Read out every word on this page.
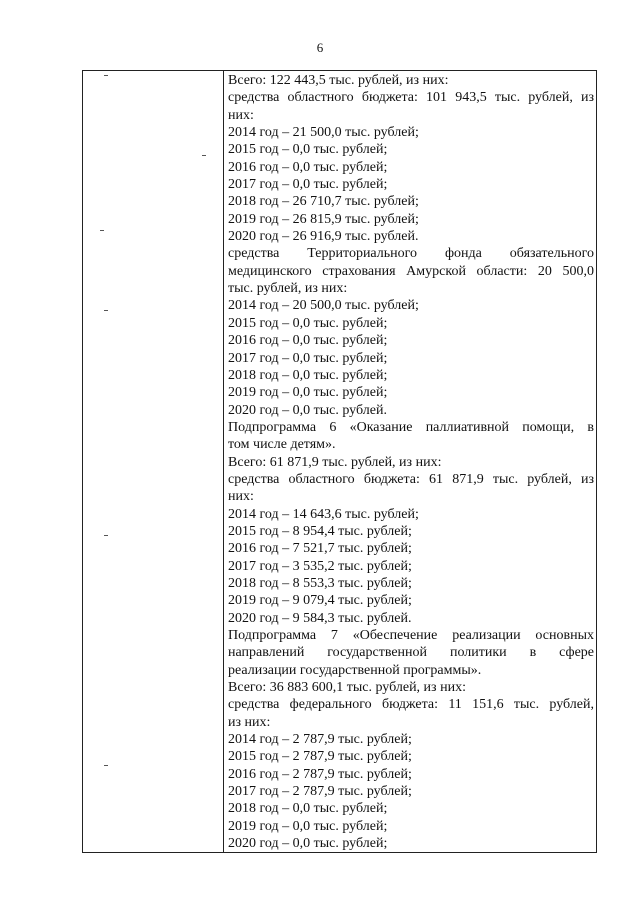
6
Всего: 122 443,5 тыс. рублей, из них:
средства областного бюджета: 101 943,5 тыс. рублей, из
них:
2014 год – 21 500,0 тыс. рублей;
2015 год – 0,0 тыс. рублей;
2016 год – 0,0 тыс. рублей;
2017 год – 0,0 тыс. рублей;
2018 год – 26 710,7 тыс. рублей;
2019 год – 26 815,9 тыс. рублей;
2020 год – 26 916,9 тыс. рублей.
средства Территориального фонда обязательного
медицинского страхования Амурской области: 20 500,0
тыс. рублей, из них:
2014 год – 20 500,0 тыс. рублей;
2015 год – 0,0 тыс. рублей;
2016 год – 0,0 тыс. рублей;
2017 год – 0,0 тыс. рублей;
2018 год – 0,0 тыс. рублей;
2019 год – 0,0 тыс. рублей;
2020 год – 0,0 тыс. рублей.
Подпрограмма 6 «Оказание паллиативной помощи, в
том числе детям».
Всего: 61 871,9 тыс. рублей, из них:
средства областного бюджета: 61 871,9 тыс. рублей, из
них:
2014 год – 14 643,6 тыс. рублей;
2015 год – 8 954,4 тыс. рублей;
2016 год – 7 521,7 тыс. рублей;
2017 год – 3 535,2 тыс. рублей;
2018 год – 8 553,3 тыс. рублей;
2019 год – 9 079,4 тыс. рублей;
2020 год – 9 584,3 тыс. рублей.
Подпрограмма 7 «Обеспечение реализации основных
направлений государственной политики в сфере
реализации государственной программы».
Всего: 36 883 600,1 тыс. рублей, из них:
средства федерального бюджета: 11 151,6 тыс. рублей,
из них:
2014 год – 2 787,9 тыс. рублей;
2015 год – 2 787,9 тыс. рублей;
2016 год – 2 787,9 тыс. рублей;
2017 год – 2 787,9 тыс. рублей;
2018 год – 0,0 тыс. рублей;
2019 год – 0,0 тыс. рублей;
2020 год – 0,0 тыс. рублей;
